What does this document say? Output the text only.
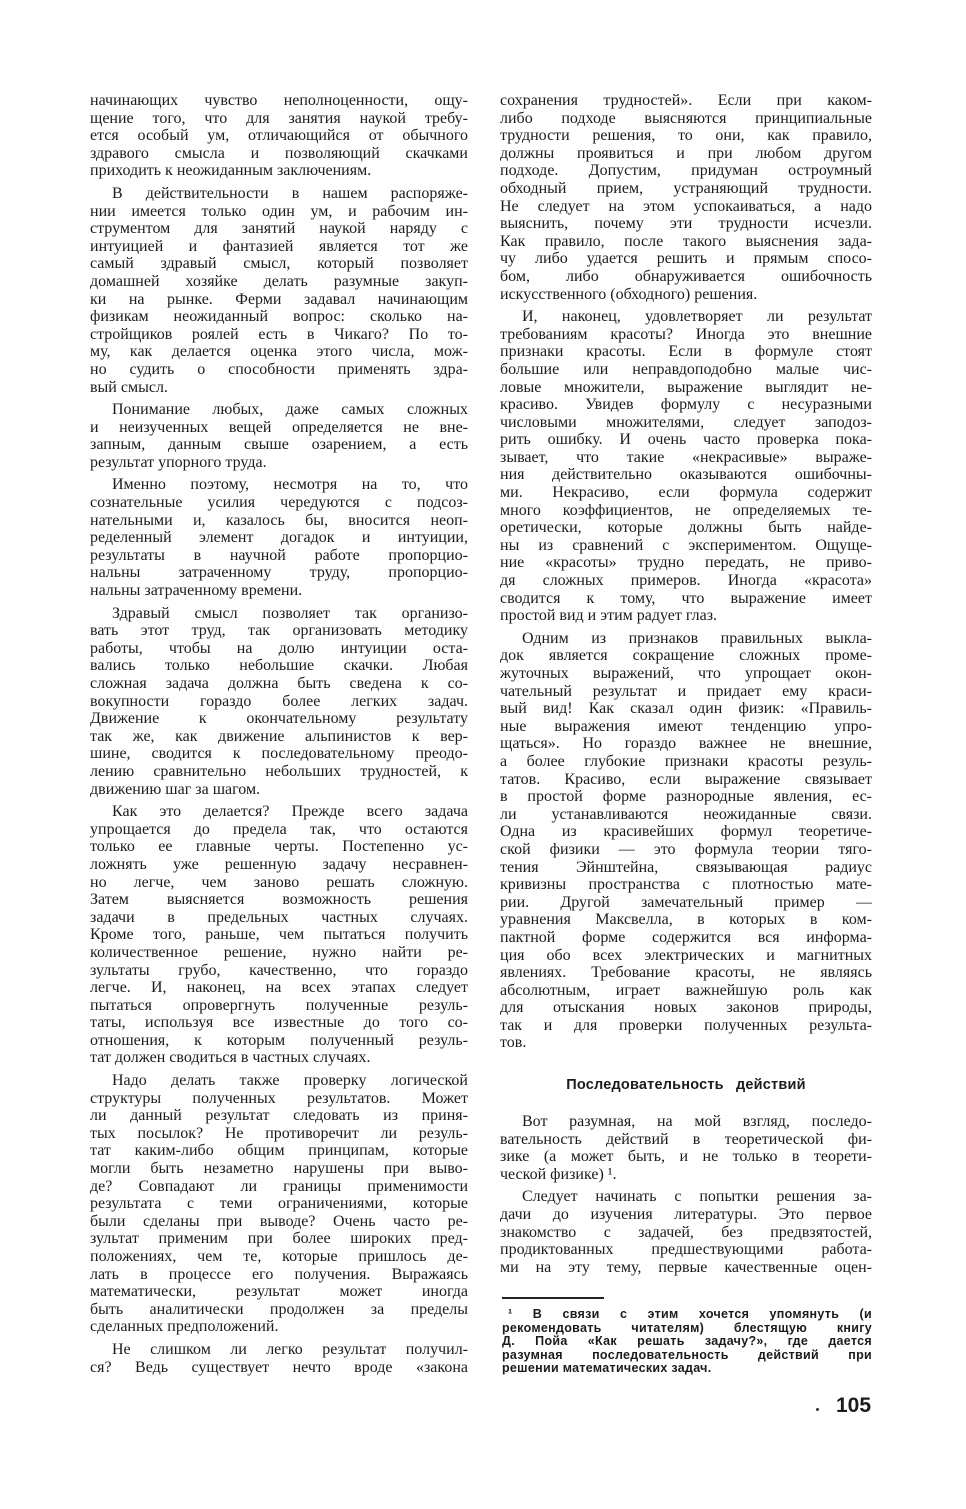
начинающих чувство неполноценности, ощу-
щение того, что для занятия наукой требу-
ется особый ум, отличающийся от обычного
здравого смысла и позволяющий скачками
приходить к неожиданным заключениям.
В действительности в нашем распоряже-
нии имеется только один ум, и рабочим ин-
струментом для занятий наукой наряду с
интуицией и фантазией является тот же
самый здравый смысл, который позволяет
домашней хозяйке делать разумные закуп-
ки на рынке. Ферми задавал начинающим
физикам неожиданный вопрос: сколько на-
стройщиков роялей есть в Чикаго? По то-
му, как делается оценка этого числа, мож-
но судить о способности применять здра-
вый смысл.
Понимание любых, даже самых сложных
и неизученных вещей определяется не вне-
запным, данным свыше озарением, а есть
результат упорного труда.
Именно поэтому, несмотря на то, что
сознательные усилия чередуются с подсоз-
нательными и, казалось бы, вносится неоп-
ределенный элемент догадок и интуиции,
результаты в научной работе пропорцио-
нальны затраченному труду, пропорцио-
нальны затраченному времени.
Здравый смысл позволяет так организо-
вать этот труд, так организовать методику
работы, чтобы на долю интуиции оста-
вались только небольшие скачки. Любая
сложная задача должна быть сведена к со-
вокупности гораздо более легких задач.
Движение к окончательному результату
так же, как движение альпинистов к вер-
шине, сводится к последовательному преодо-
лению сравнительно небольших трудностей, к
движению шаг за шагом.
Как это делается? Прежде всего задача
упрощается до предела так, что остаются
только ее главные черты. Постепенно ус-
ложнять уже решенную задачу несравнен-
но легче, чем заново решать сложную.
Затем выясняется возможность решения
задачи в предельных частных случаях.
Кроме того, раньше, чем пытаться получить
количественное решение, нужно найти ре-
зультаты грубо, качественно, что гораздо
легче. И, наконец, на всех этапах следует
пытаться опровергнуть полученные резуль-
таты, используя все известные до того со-
отношения, к которым полученный резуль-
тат должен сводиться в частных случаях.
Надо делать также проверку логической
структуры полученных результатов. Может
ли данный результат следовать из приня-
тых посылок? Не противоречит ли резуль-
тат каким-либо общим принципам, которые
могли быть незаметно нарушены при выво-
де? Совпадают ли границы применимости
результата с теми ограничениями, которые
были сделаны при выводе? Очень часто ре-
зультат применим при более широких пред-
положениях, чем те, которые пришлось де-
лать в процессе его получения. Выражаясь
математически, результат может иногда
быть аналитически продолжен за пределы
сделанных предположений.
Не слишком ли легко результат получил-
ся? Ведь существует нечто вроде «закона
сохранения трудностей». Если при каком-
либо подходе выясняются принципиальные
трудности решения, то они, как правило,
должны проявиться и при любом другом
подходе. Допустим, придуман остроумный
обходный прием, устраняющий трудности.
Не следует на этом успокаиваться, а надо
выяснить, почему эти трудности исчезли.
Как правило, после такого выяснения зада-
чу либо удается решить и прямым спосо-
бом, либо обнаруживается ошибочность
искусственного (обходного) решения.
И, наконец, удовлетворяет ли результат
требованиям красоты? Иногда это внешние
признаки красоты. Если в формуле стоят
большие или неправдоподобно малые чис-
ловые множители, выражение выглядит не-
красиво. Увидев формулу с несуразными
числовыми множителями, следует заподоз-
рить ошибку. И очень часто проверка пока-
зывает, что такие «некрасивые» выраже-
ния действительно оказываются ошибочны-
ми. Некрасиво, если формула содержит
много коэффициентов, не определяемых те-
оретически, которые должны быть найде-
ны из сравнений с экспериментом. Ощуще-
ние «красоты» трудно передать, не приво-
дя сложных примеров. Иногда «красота»
сводится к тому, что выражение имеет
простой вид и этим радует глаз.
Одним из признаков правильных выкла-
док является сокращение сложных проме-
жуточных выражений, что упрощает окон-
чательный результат и придает ему краси-
вый вид! Как сказал один физик: «Правиль-
ные выражения имеют тенденцию упро-
щаться». Но гораздо важнее не внешние,
а более глубокие признаки красоты резуль-
татов. Красиво, если выражение связывает
в простой форме разнородные явления, ес-
ли устанавливаются неожиданные связи.
Одна из красивейших формул теоретиче-
ской физики — это формула теории тяго-
тения Эйнштейна, связывающая радиус
кривизны пространства с плотностью мате-
рии. Другой замечательный пример —
уравнения Максвелла, в которых в ком-
пактной форме содержится вся информа-
ция обо всех электрических и магнитных
явлениях. Требование красоты, не являясь
абсолютным, играет важнейшую роль как
для отыскания новых законов природы,
так и для проверки полученных результа-
тов.
Последовательность действий
Вот разумная, на мой взгляд, последо-
вательность действий в теоретической фи-
зике (а может быть, и не только в теорети-
ческой физике) ¹.
Следует начинать с попытки решения за-
дачи до изучения литературы. Это первое
знакомство с задачей, без предвзятостей,
продиктованных предшествующими работа-
ми на эту тему, первые качественные оцен-
¹ В связи с этим хочется упомянуть (и
рекомендовать читателям) блестящую книгу
Д. Пойа «Как решать задачу?», где дается
разумная последовательность действий при
решении математических задач.
105
